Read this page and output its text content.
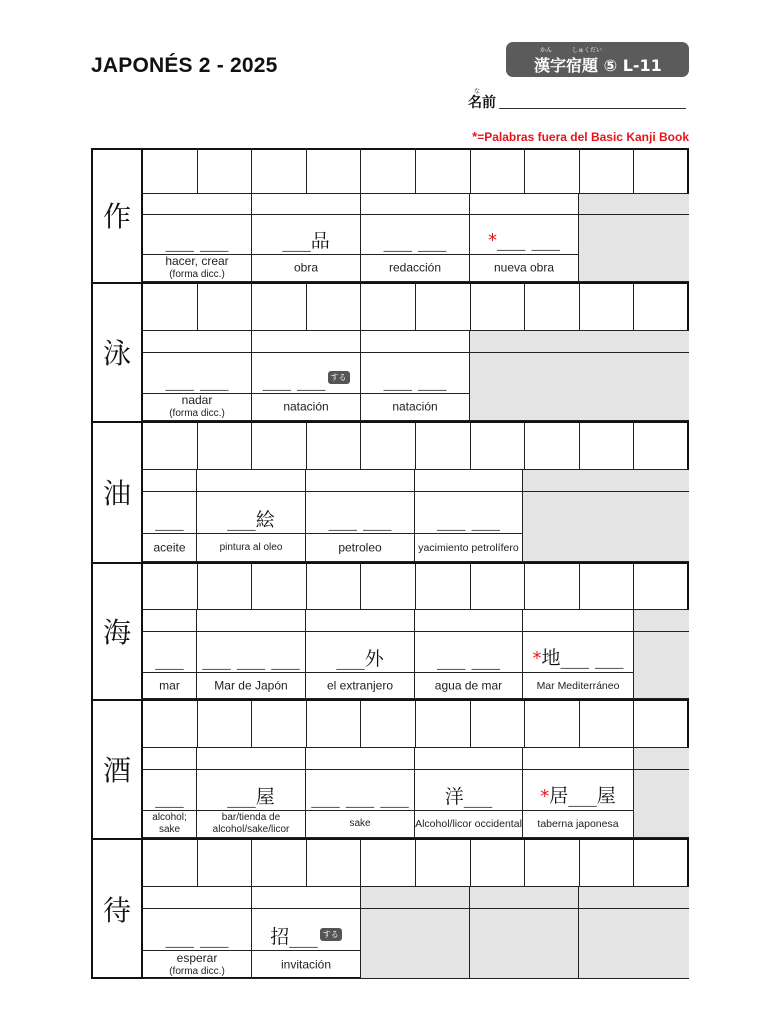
JAPONÉS 2 - 2025
かん	しゅくだい
漢字宿題 ⑤ L-11
な
名前
*=Palabras fuera del Basic Kanji Book
作
___ ___
hacer, crear
(forma dicc.)
___品
obra
___ ___
redacción
*___ ___
nueva obra
泳
___ ___
nadar
(forma dicc.)
___ ___ する
natación
___ ___
natación
油
___
aceite
___絵
pintura al oleo
___ ___
petroleo
___ ___
yacimiento petrolífero
海
___
mar
___ ___ ___
Mar de Japón
___外
el extranjero
___ ___
agua de mar
*地___ ___
Mar Mediterráneo
酒
___
alcohol; sake
___屋
bar/tienda de alcohol/sake/licor
___ ___ ___
sake
洋___
Alcohol/licor occidental
*居___屋
taberna japonesa
待
___ ___
esperar
(forma dicc.)
招___ する
invitación
